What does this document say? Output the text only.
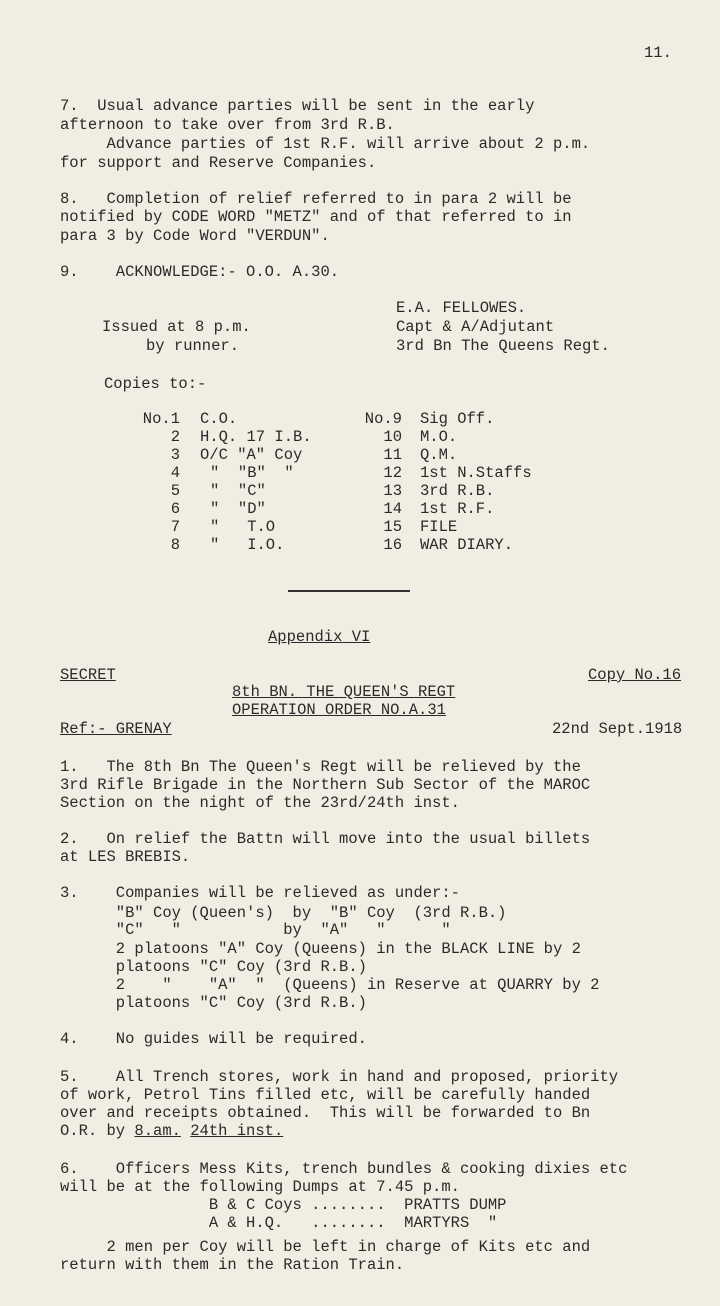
11.
7.  Usual advance parties will be sent in the early
afternoon to take over from 3rd R.B.
Advance parties of 1st R.F. will arrive about 2 p.m.
for support and Reserve Companies.
8.   Completion of relief referred to in para 2 will be
notified by CODE WORD "METZ" and of that referred to in
para 3 by Code Word "VERDUN".
9.    ACKNOWLEDGE:- O.O. A.30.
E.A. FELLOWES.
Capt & A/Adjutant
3rd Bn The Queens Regt.
Issued at 8 p.m.
by runner.
Copies to:-
No.1 C.O.
2 H.Q. 17 I.B.
3 O/C "A" Coy
4 "  "B"  "
5 "  "C"
6 "  "D"
7 "   T.O
8 "   I.O.
No.9 Sig Off.
10 M.O.
11 Q.M.
12 1st N.Staffs
13 3rd R.B.
14 1st R.F.
15 FILE
16 WAR DIARY.
Appendix VI
SECRET	Copy No.16
8th BN. THE QUEEN'S REGT
OPERATION ORDER NO.A.31
Ref:- GRENAY	22nd Sept.1918
1.   The 8th Bn The Queen's Regt will be relieved by the
3rd Rifle Brigade in the Northern Sub Sector of the MAROC
Section on the night of the 23rd/24th inst.
2.   On relief the Battn will move into the usual billets
at LES BREBIS.
3.    Companies will be relieved as under:-
"B" Coy (Queen's)  by  "B" Coy  (3rd R.B.)
"C"   "           by  "A"   "      "
2 platoons "A" Coy (Queens) in the BLACK LINE by 2
platoons "C" Coy (3rd R.B.)
2    "    "A"  "  (Queens) in Reserve at QUARRY by 2
platoons "C" Coy (3rd R.B.)
4.    No guides will be required.
5.    All Trench stores, work in hand and proposed, priority
of work, Petrol Tins filled etc, will be carefully handed
over and receipts obtained.  This will be forwarded to Bn
O.R. by 8.am. 24th inst.
6.    Officers Mess Kits, trench bundles & cooking dixies etc
will be at the following Dumps at 7.45 p.m.
B & C Coys ........  PRATTS DUMP
A & H.Q.   ........  MARTYRS  "
2 men per Coy will be left in charge of Kits etc and
return with them in the Ration Train.
